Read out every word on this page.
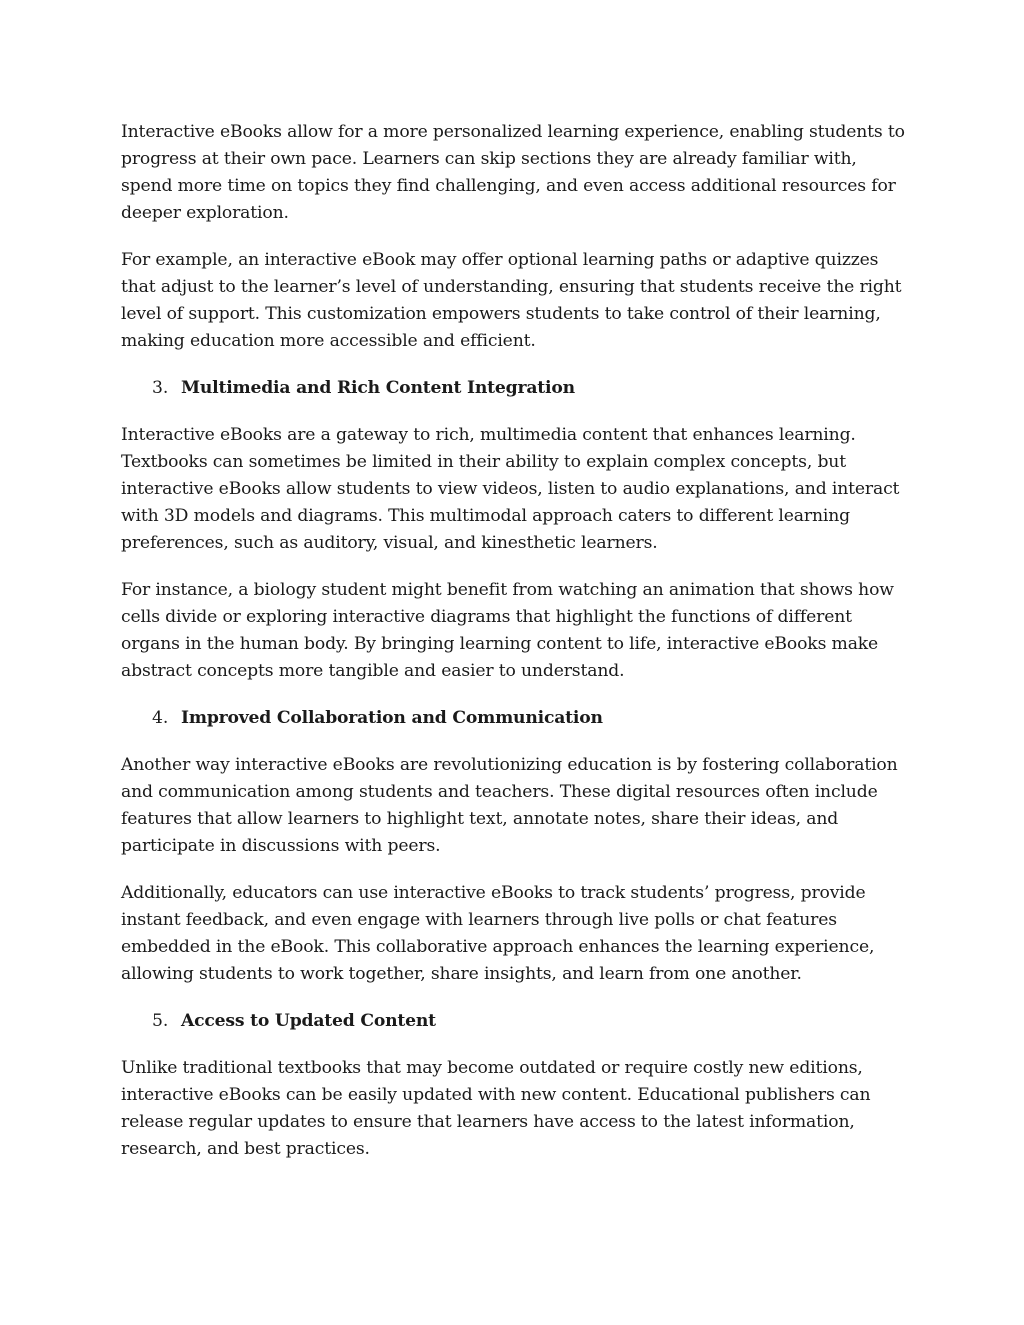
Interactive eBooks allow for a more personalized learning experience, enabling students to progress at their own pace. Learners can skip sections they are already familiar with, spend more time on topics they find challenging, and even access additional resources for deeper exploration.

For example, an interactive eBook may offer optional learning paths or adaptive quizzes that adjust to the learner’s level of understanding, ensuring that students receive the right level of support. This customization empowers students to take control of their learning, making education more accessible and efficient.

3. Multimedia and Rich Content Integration

Interactive eBooks are a gateway to rich, multimedia content that enhances learning. Textbooks can sometimes be limited in their ability to explain complex concepts, but interactive eBooks allow students to view videos, listen to audio explanations, and interact with 3D models and diagrams. This multimodal approach caters to different learning preferences, such as auditory, visual, and kinesthetic learners.

For instance, a biology student might benefit from watching an animation that shows how cells divide or exploring interactive diagrams that highlight the functions of different organs in the human body. By bringing learning content to life, interactive eBooks make abstract concepts more tangible and easier to understand.

4. Improved Collaboration and Communication

Another way interactive eBooks are revolutionizing education is by fostering collaboration and communication among students and teachers. These digital resources often include features that allow learners to highlight text, annotate notes, share their ideas, and participate in discussions with peers.

Additionally, educators can use interactive eBooks to track students’ progress, provide instant feedback, and even engage with learners through live polls or chat features embedded in the eBook. This collaborative approach enhances the learning experience, allowing students to work together, share insights, and learn from one another.

5. Access to Updated Content

Unlike traditional textbooks that may become outdated or require costly new editions, interactive eBooks can be easily updated with new content. Educational publishers can release regular updates to ensure that learners have access to the latest information, research, and best practices.
